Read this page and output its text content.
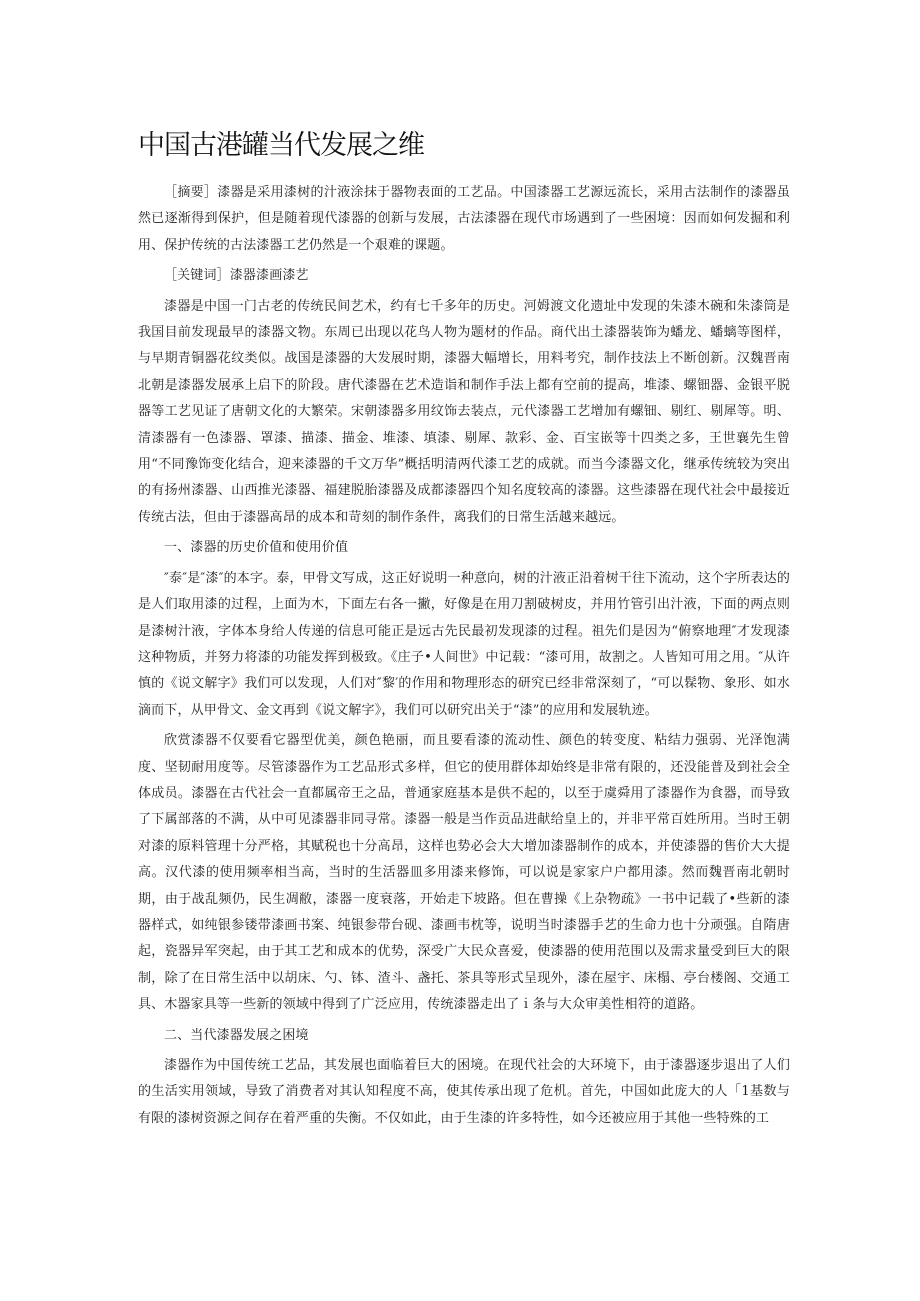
中国古港罐当代发展之维

［摘要］漆器是采用漆树的汁液涂抹于器物表面的工艺品。中国漆器工艺源远流长，采用古法制作的漆器虽然已逐渐得到保护，但是随着现代漆器的创新与发展，古法漆器在现代市场遇到了一些困境：因而如何发掘和利用、保护传统的古法漆器工艺仍然是一个艰难的课题。

［关键词］漆器漆画漆艺

漆器是中国一门古老的传统民间艺术，约有七千多年的历史。河姆渡文化遗址中发现的朱漆木碗和朱漆筒是我国目前发现最早的漆器文物。东周已出现以花鸟人物为题材的作品。商代出土漆器装饰为蟠龙、蟠螭等图样，与早期青铜器花纹类似。战国是漆器的大发展时期，漆器大幅增长，用料考究，制作技法上不断创新。汉魏晋南北朝是漆器发展承上启下的阶段。唐代漆器在艺术造诣和制作手法上都有空前的提高，堆漆、螺钿器、金银平脱器等工艺见证了唐朝文化的大繁荣。宋朝漆器多用纹饰去装点，元代漆器工艺增加有螺钿、剔红、剔犀等。明、清漆器有一色漆器、罩漆、描漆、描金、堆漆、填漆、剔犀、款彩、金、百宝嵌等十四类之多，王世襄先生曾用“不同豫饰变化结合，迎来漆器的千文万华”概括明清两代漆工艺的成就。而当今漆器文化，继承传统较为突出的有扬州漆器、山西推光漆器、福建脱胎漆器及成都漆器四个知名度较高的漆器。这些漆器在现代社会中最接近传统古法，但由于漆器高昂的成本和苛刻的制作条件，离我们的日常生活越来越远。

一、漆器的历史价值和使用价值

″泰″是″漆″的本字。泰，甲骨文写成，这正好说明一种意向，树的汁液正沿着树干往下流动，这个字所表达的是人们取用漆的过程，上面为木，下面左右各一撇，好像是在用刀割破树皮，并用竹管引出汁液，下面的两点则是漆树汁液，字体本身给人传递的信息可能正是远古先民最初发现漆的过程。祖先们是因为“俯察地理″才发现漆这种物质，并努力将漆的功能发挥到极致。《庄子•人间世》中记载：“漆可用，故割之。人皆知可用之用。″从许慎的《说文解字》我们可以发现，人们对″黎′的作用和物理形态的研究已经非常深刻了，“可以髹物、象形、如水滴而下，从甲骨文、金文再到《说文解字》，我们可以研究出关于“漆”的应用和发展轨迹。

欣赏漆器不仅要看它器型优美，颜色艳丽，而且要看漆的流动性、颜色的转变度、粘结力强弱、光泽饱满度、坚韧耐用度等。尽管漆器作为工艺品形式多样，但它的使用群体却始终是非常有限的，还没能普及到社会全体成员。漆器在古代社会一直都属帝王之品，普通家庭基本是供不起的，以至于虞舜用了漆器作为食器，而导致了下属部落的不满，从中可见漆器非同寻常。漆器一般是当作贡品进献给皇上的，并非平常百姓所用。当时王朝对漆的原料管理十分严格，其赋税也十分高昂，这样也势必会大大增加漆器制作的成本，并使漆器的售价大大提高。汉代漆的使用频率相当高，当时的生活器皿多用漆来修饰，可以说是家家户户都用漆。然而魏晋南北朝时期，由于战乱频仍，民生凋敝，漆器一度衰落，开始走下坡路。但在曹操《上杂物疏》一书中记载了•些新的漆器样式，如纯银参镂带漆画书案、纯银参带台砚、漆画韦枕等，说明当时漆器手艺的生命力也十分顽强。自隋唐起，瓷器异军突起，由于其工艺和成本的优势，深受广大民众喜爱，使漆器的使用范围以及需求量受到巨大的限制，除了在日常生活中以胡床、勺、钵、渣斗、盏托、茶具等形式呈现外，漆在屋宇、床榻、亭台楼阁、交通工具、木器家具等一些新的领域中得到了广泛应用，传统漆器走出了ｉ条与大众审美性相符的道路。

二、当代漆器发展之困境

漆器作为中国传统工艺品，其发展也面临着巨大的困境。在现代社会的大环境下，由于漆器逐步退出了人们的生活实用领域，导致了消费者对其认知程度不高，使其传承出现了危机。首先，中国如此庞大的人「1基数与有限的漆树资源之间存在着严重的失衡。不仅如此，由于生漆的许多特性，如今还被应用于其他一些特殊的工
